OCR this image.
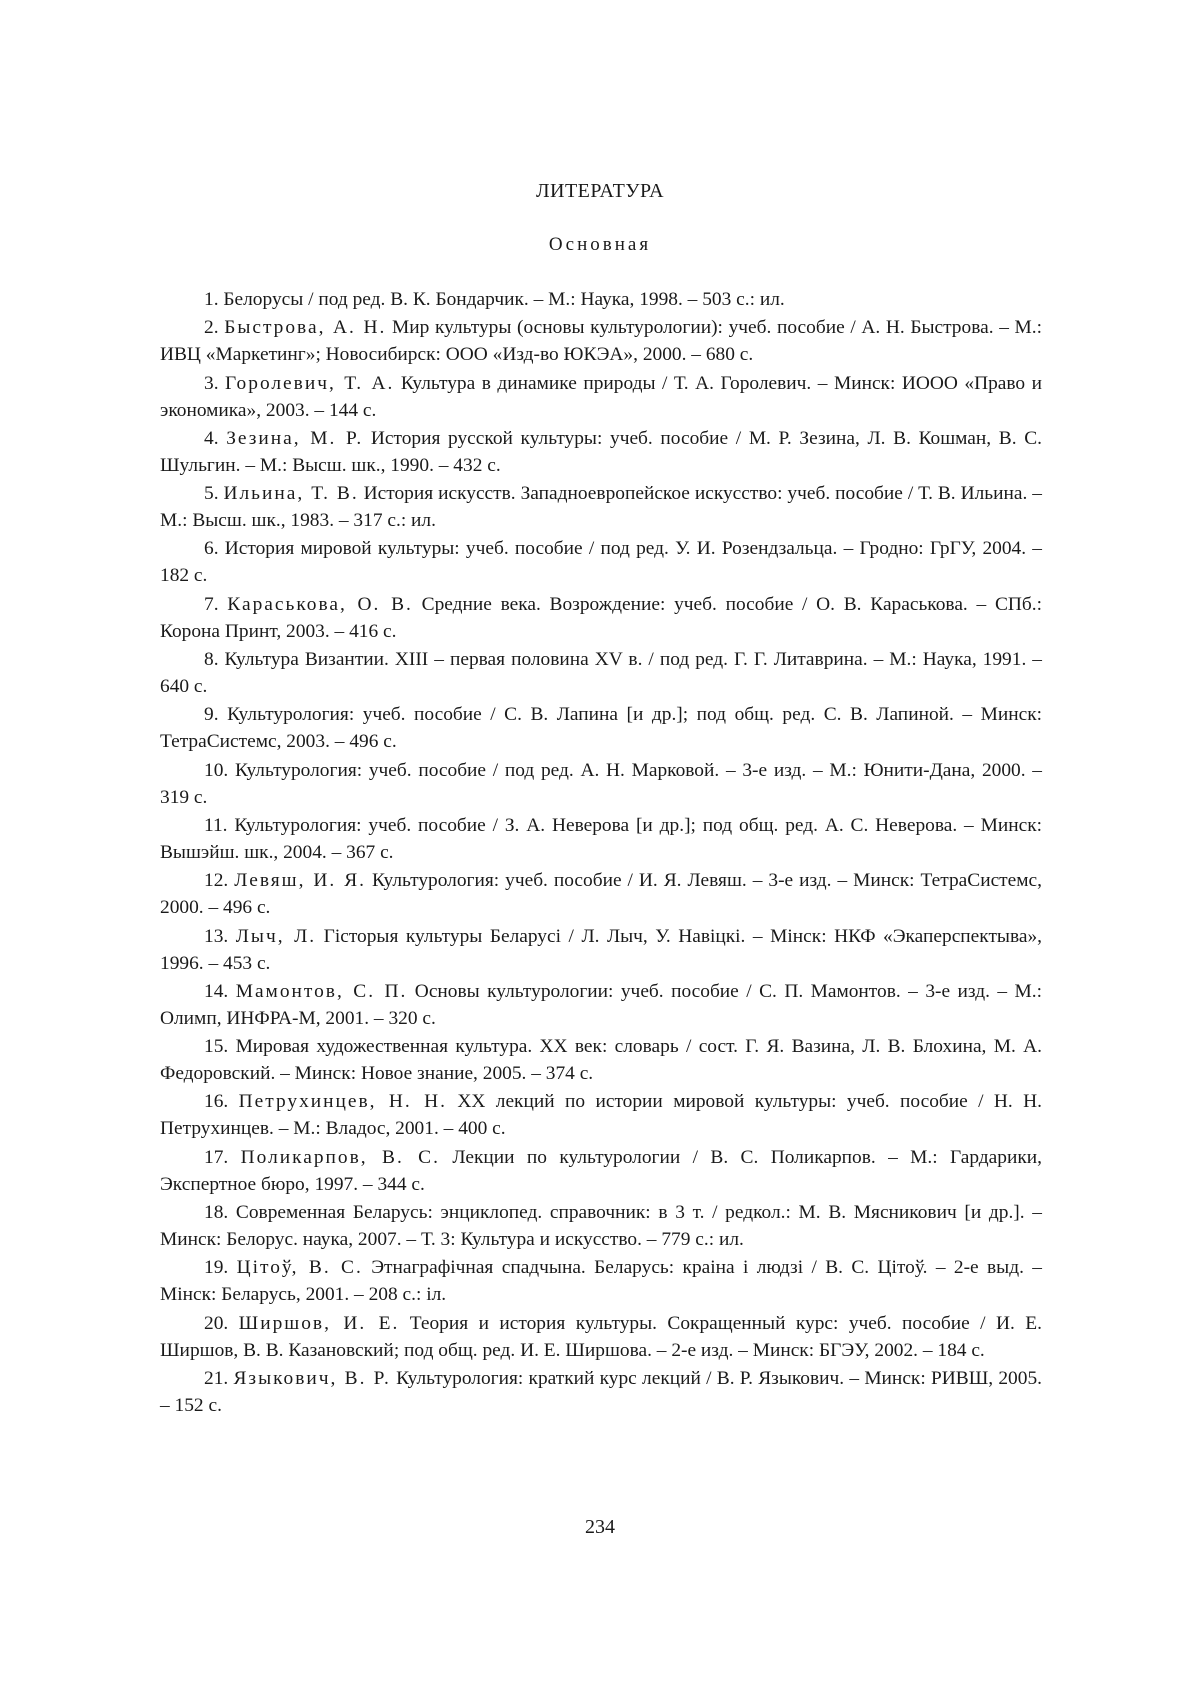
ЛИТЕРАТУРА
Основная

1. Белорусы / под ред. В. К. Бондарчик. – М.: Наука, 1998. – 503 с.: ил.

2. Быстрова, А. Н. Мир культуры (основы культурологии): учеб. пособие / А. Н. Быстрова. – М.: ИВЦ «Маркетинг»; Новосибирск: ООО «Изд-во ЮКЭА», 2000. – 680 с.

3. Горолевич, Т. А. Культура в динамике природы / Т. А. Горолевич. – Минск: ИООО «Право и экономика», 2003. – 144 с.

4. Зезина, М. Р. История русской культуры: учеб. пособие / М. Р. Зезина, Л. В. Кошман, В. С. Шульгин. – М.: Высш. шк., 1990. – 432 с.

5. Ильина, Т. В. История искусств. Западноевропейское искусство: учеб. пособие / Т. В. Ильина. – М.: Высш. шк., 1983. – 317 с.: ил.

6. История мировой культуры: учеб. пособие / под ред. У. И. Розендзальца. – Гродно: ГрГУ, 2004. – 182 с.

7. Караськова, О. В. Средние века. Возрождение: учеб. пособие / О. В. Караськова. – СПб.: Корона Принт, 2003. – 416 с.

8. Культура Византии. XIII – первая половина XV в. / под ред. Г. Г. Литаврина. – М.: Наука, 1991. – 640 с.

9. Культурология: учеб. пособие / С. В. Лапина [и др.]; под общ. ред. С. В. Лапиной. – Минск: ТетраСистемс, 2003. – 496 с.

10. Культурология: учеб. пособие / под ред. А. Н. Марковой. – 3-е изд. – М.: Юнити-Дана, 2000. – 319 с.

11. Культурология: учеб. пособие / З. А. Неверова [и др.]; под общ. ред. А. С. Неверова. – Минск: Вышэйш. шк., 2004. – 367 с.

12. Левяш, И. Я. Культурология: учеб. пособие / И. Я. Левяш. – 3-е изд. – Минск: ТетраСистемс, 2000. – 496 с.

13. Лыч, Л. Гісторыя культуры Беларусі / Л. Лыч, У. Навіцкі. – Мінск: НКФ «Экаперспектыва», 1996. – 453 с.

14. Мамонтов, С. П. Основы культурологии: учеб. пособие / С. П. Мамонтов. – 3-е изд. – М.: Олимп, ИНФРА-М, 2001. – 320 с.

15. Мировая художественная культура. XX век: словарь / сост. Г. Я. Вазина, Л. В. Блохина, М. А. Федоровский. – Минск: Новое знание, 2005. – 374 с.

16. Петрухинцев, Н. Н. XX лекций по истории мировой культуры: учеб. пособие / Н. Н. Петрухинцев. – М.: Владос, 2001. – 400 с.

17. Поликарпов, В. С. Лекции по культурологии / В. С. Поликарпов. – М.: Гардарики, Экспертное бюро, 1997. – 344 с.

18. Современная Беларусь: энциклопед. справочник: в 3 т. / редкол.: М. В. Мясникович [и др.]. – Минск: Белорус. наука, 2007. – Т. 3: Культура и искусство. – 779 с.: ил.

19. Цітоў, В. С. Этнаграфічная спадчына. Беларусь: краіна і людзі / В. С. Цітоў. – 2-е выд. – Мінск: Беларусь, 2001. – 208 с.: іл.

20. Ширшов, И. Е. Теория и история культуры. Сокращенный курс: учеб. пособие / И. Е. Ширшов, В. В. Казановский; под общ. ред. И. Е. Ширшова. – 2-е изд. – Минск: БГЭУ, 2002. – 184 с.

21. Языкович, В. Р. Культурология: краткий курс лекций / В. Р. Языкович. – Минск: РИВШ, 2005. – 152 с.

234
